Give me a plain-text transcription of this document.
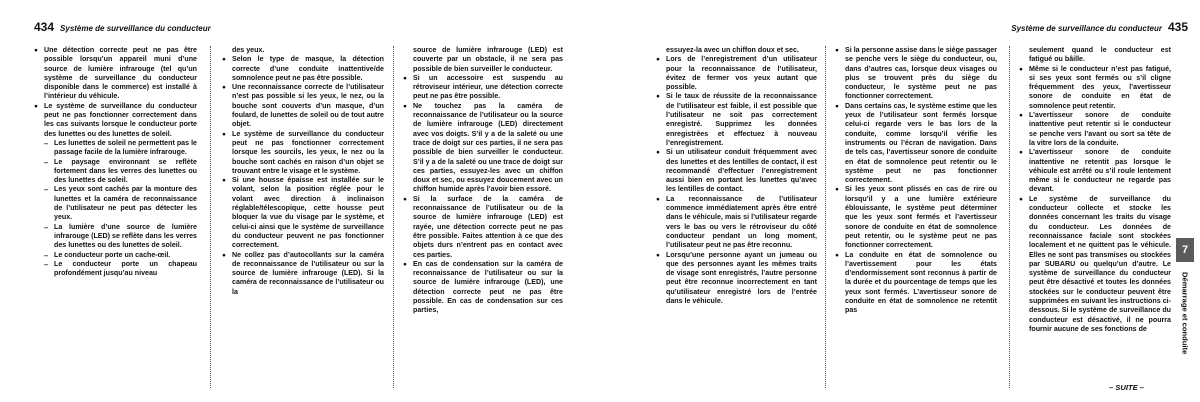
434 Système de surveillance du conducteur

● Une détection correcte peut ne pas être possible lorsqu’un appareil muni d’une source de lumière infrarouge (tel qu’un système de surveillance du conducteur disponible dans le commerce) est installé à l’intérieur du véhicule.

● Le système de surveillance du conducteur peut ne pas fonctionner correctement dans les cas suivants lorsque le conducteur porte des lunettes ou des lunettes de soleil.

– Les lunettes de soleil ne permettent pas le passage facile de la lumière infrarouge.

– Le paysage environnant se reflète fortement dans les verres des lunettes ou des lunettes de soleil.

– Les yeux sont cachés par la monture des lunettes et la caméra de reconnaissance de l’utilisateur ne peut pas détecter les yeux.

– La lumière d’une source de lumière infrarouge (LED) se reflète dans les verres des lunettes ou des lunettes de soleil.

– Le conducteur porte un cache-œil.

– Le conducteur porte un chapeau profondément jusqu’au niveau

des yeux.

● Selon le type de masque, la détection correcte d’une conduite inattentive/de somnolence peut ne pas être possible.

● Une reconnaissance correcte de l’utilisateur n’est pas possible si les yeux, le nez, ou la bouche sont couverts d’un masque, d’un foulard, de lunettes de soleil ou de tout autre objet.

● Le système de surveillance du conducteur peut ne pas fonctionner correctement lorsque les sourcils, les yeux, le nez ou la bouche sont cachés en raison d’un objet se trouvant entre le visage et le système.

● Si une housse épaisse est installée sur le volant, selon la position réglée pour le volant avec direction à inclinaison réglable/télescopique, cette housse peut bloquer la vue du visage par le système, et celui-ci ainsi que le système de surveillance du conducteur peuvent ne pas fonctionner correctement.

● Ne collez pas d’autocollants sur la caméra de reconnaissance de l’utilisateur ou sur la source de lumière infrarouge (LED). Si la caméra de reconnaissance de l’utilisateur ou la

source de lumière infrarouge (LED) est couverte par un obstacle, il ne sera pas possible de bien surveiller le conducteur.

● Si un accessoire est suspendu au rétroviseur intérieur, une détection correcte peut ne pas être possible.

● Ne touchez pas la caméra de reconnaissance de l’utilisateur ou la source de lumière infrarouge (LED) directement avec vos doigts. S’il y a de la saleté ou une trace de doigt sur ces parties, il ne sera pas possible de bien surveiller le conducteur. S’il y a de la saleté ou une trace de doigt sur ces parties, essuyez-les avec un chiffon doux et sec, ou essuyez doucement avec un chiffon humide après l’avoir bien essoré.

● Si la surface de la caméra de reconnaissance de l’utilisateur ou de la source de lumière infrarouge (LED) est rayée, une détection correcte peut ne pas être possible. Faites attention à ce que des objets durs n’entrent pas en contact avec ces parties.

● En cas de condensation sur la caméra de reconnaissance de l’utilisateur ou sur la source de lumière infrarouge (LED), une détection correcte peut ne pas être possible. En cas de condensation sur ces parties,

Système de surveillance du conducteur 435

essuyez-la avec un chiffon doux et sec.

● Lors de l’enregistrement d’un utilisateur pour la reconnaissance de l’utilisateur, évitez de fermer vos yeux autant que possible.

● Si le taux de réussite de la reconnaissance de l’utilisateur est faible, il est possible que l’utilisateur ne soit pas correctement enregistré. Supprimez les données enregistrées et effectuez à nouveau l’enregistrement.

● Si un utilisateur conduit fréquemment avec des lunettes et des lentilles de contact, il est recommandé d’effectuer l’enregistrement aussi bien en portant les lunettes qu’avec les lentilles de contact.

● La reconnaissance de l’utilisateur commence immédiatement après être entré dans le véhicule, mais si l’utilisateur regarde vers le bas ou vers le rétroviseur du côté conducteur pendant un long moment, l’utilisateur peut ne pas être reconnu.

● Lorsqu’une personne ayant un jumeau ou que des personnes ayant les mêmes traits de visage sont enregistrés, l’autre personne peut être reconnue incorrectement en tant qu’utilisateur enregistré lors de l’entrée dans le véhicule.

● Si la personne assise dans le siège passager se penche vers le siège du conducteur, ou, dans d’autres cas, lorsque deux visages ou plus se trouvent près du siège du conducteur, le système peut ne pas fonctionner correctement.

● Dans certains cas, le système estime que les yeux de l’utilisateur sont fermés lorsque celui-ci regarde vers le bas lors de la conduite, comme lorsqu’il vérifie les instruments ou l’écran de navigation. Dans de tels cas, l’avertisseur sonore de conduite en état de somnolence peut retentir ou le système peut ne pas fonctionner correctement.

● Si les yeux sont plissés en cas de rire ou lorsqu’il y a une lumière extérieure éblouissante, le système peut déterminer que les yeux sont fermés et l’avertisseur sonore de conduite en état de somnolence peut retentir, ou le système peut ne pas fonctionner correctement.

● La conduite en état de somnolence ou l’avertissement pour les états d’endormissement sont reconnus à partir de la durée et du pourcentage de temps que les yeux sont fermés. L’avertisseur sonore de conduite en état de somnolence ne retentit pas

seulement quand le conducteur est fatigué ou bâille.

● Même si le conducteur n’est pas fatigué, si ses yeux sont fermés ou s’il cligne fréquemment des yeux, l’avertisseur sonore de conduite en état de somnolence peut retentir.

● L’avertisseur sonore de conduite inattentive peut retentir si le conducteur se penche vers l’avant ou sort sa tête de la vitre lors de la conduite.

● L’avertisseur sonore de conduite inattentive ne retentit pas lorsque le véhicule est arrêté ou s’il roule lentement même si le conducteur ne regarde pas devant.

● Le système de surveillance du conducteur collecte et stocke les données concernant les traits du visage du conducteur. Les données de reconnaissance faciale sont stockées localement et ne quittent pas le véhicule. Elles ne sont pas transmises ou stockées par SUBARU ou quelqu’un d’autre. Le système de surveillance du conducteur peut être désactivé et toutes les données stockées sur le conducteur peuvent être supprimées en suivant les instructions ci-dessous. Si le système de surveillance du conducteur est désactivé, il ne pourra fournir aucune de ses fonctions de

7
Démarrage et conduite
– SUITE –
